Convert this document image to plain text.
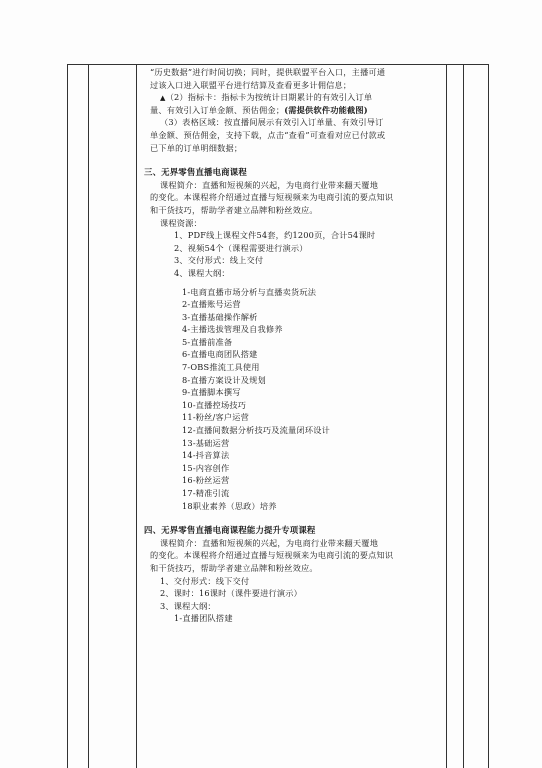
“历史数据”进行时间切换；同时，提供联盟平台入口，主播可通
过该入口进入联盟平台进行结算及查看更多计佣信息；
▲（2）指标卡：指标卡为按统计日期累计的有效引入订单
量、有效引入订单金额、预估佣金；(需提供软件功能截图)
（3）表格区域：按直播间展示有效引入订单量、有效引导订
单金额、预估佣金，支持下载，点击“查看”可查看对应已付款或
已下单的订单明细数据；
三、无界零售直播电商课程
课程简介：直播和短视频的兴起，为电商行业带来翻天覆地
的变化。本课程将介绍通过直播与短视频来为电商引流的要点知识
和干货技巧，帮助学者建立品牌和粉丝效应。
课程资源：
1、PDF线上课程文件54套，约1200页，合计54课时
2、视频54个（课程需要进行演示）
3、交付形式：线上交付
4、课程大纲：
1-电商直播市场分析与直播卖货玩法
2-直播账号运营
3-直播基础操作解析
4-主播选拔管理及自我修养
5-直播前准备
6-直播电商团队搭建
7-OBS推流工具使用
8-直播方案设计及规划
9-直播脚本撰写
10-直播控场技巧
11-粉丝/客户运营
12-直播间数据分析技巧及流量闭环设计
13-基础运营
14-抖音算法
15-内容创作
16-粉丝运营
17-精准引流
18职业素养（思政）培养
四、无界零售直播电商课程能力提升专项课程
课程简介：直播和短视频的兴起，为电商行业带来翻天覆地
的变化。本课程将介绍通过直播与短视频来为电商引流的要点知识
和干货技巧，帮助学者建立品牌和粉丝效应。
1、交付形式：线下交付
2、课时：16课时（课件要进行演示）
3、课程大纲：
1-直播团队搭建
